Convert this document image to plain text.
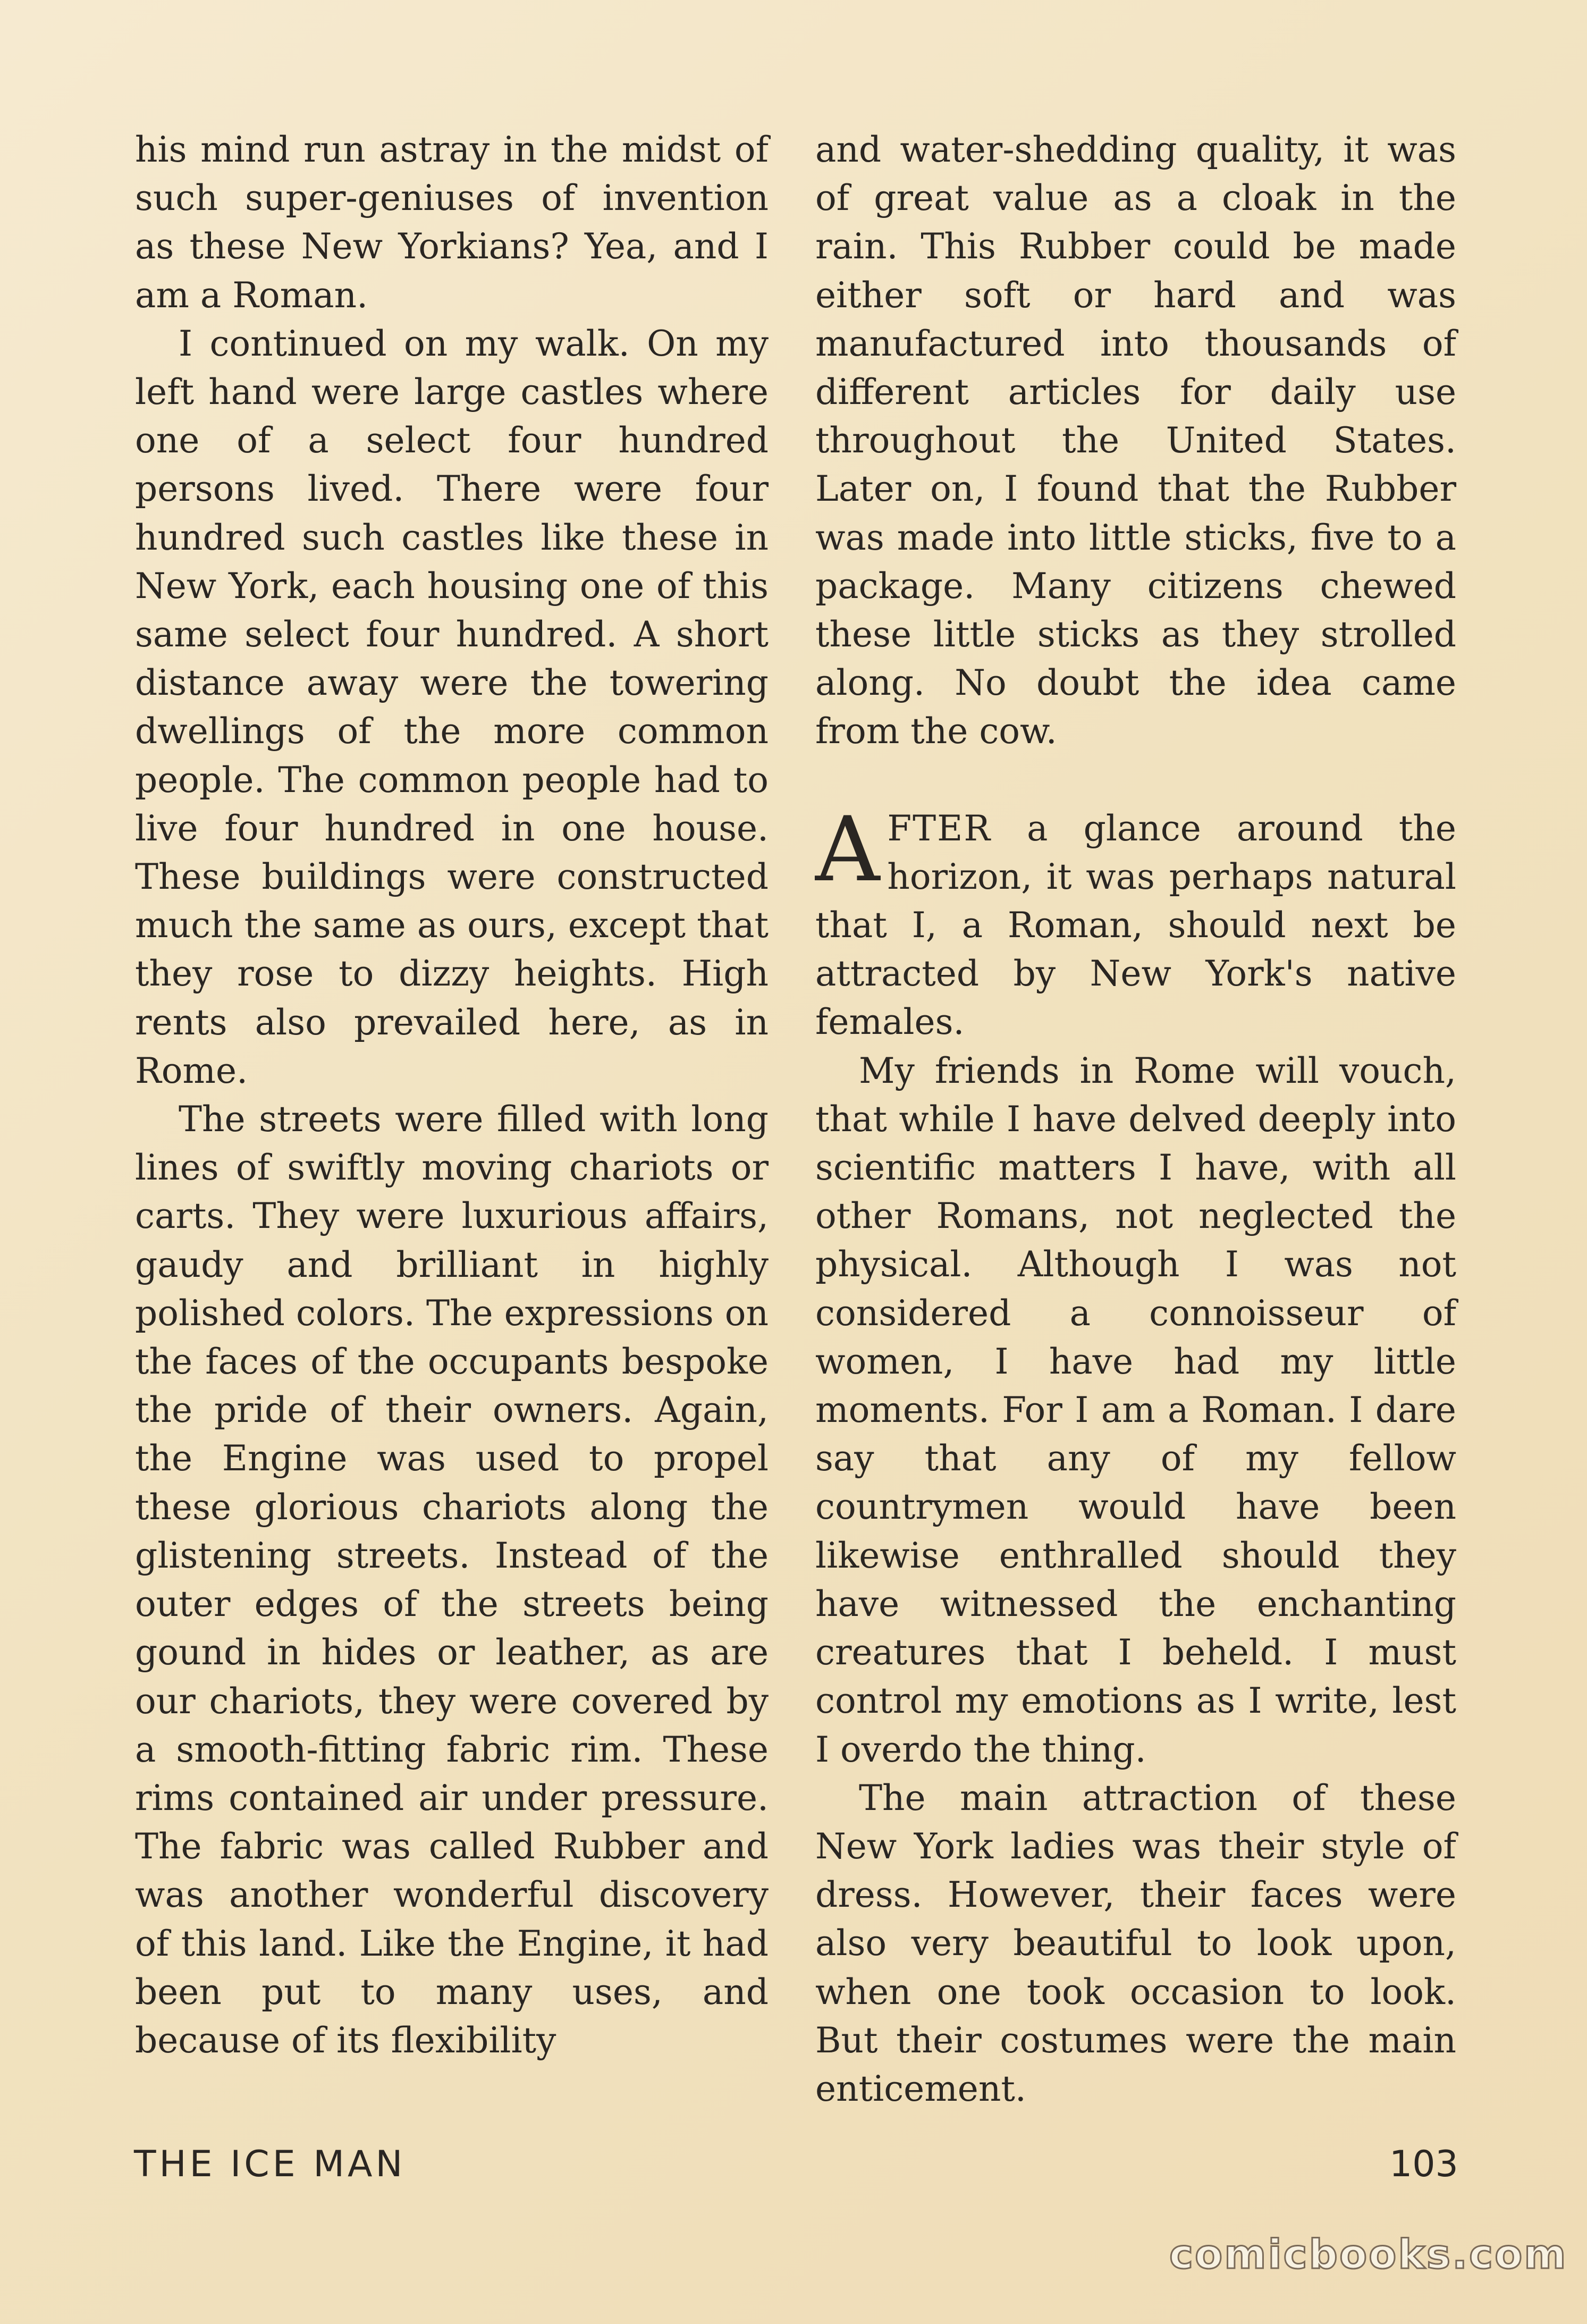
his mind run astray in the midst of such super-geniuses of invention as these New Yorkians? Yea, and I am a Roman.

I continued on my walk. On my left hand were large castles where one of a select four hundred persons lived. There were four hundred such castles like these in New York, each housing one of this same select four hundred. A short distance away were the towering dwellings of the more common people. The common people had to live four hundred in one house. These buildings were constructed much the same as ours, except that they rose to dizzy heights. High rents also prevailed here, as in Rome.

The streets were filled with long lines of swiftly moving chariots or carts. They were luxurious affairs, gaudy and brilliant in highly polished colors. The expressions on the faces of the occupants bespoke the pride of their owners. Again, the Engine was used to propel these glorious chariots along the glistening streets. Instead of the outer edges of the streets being gound in hides or leather, as are our chariots, they were covered by a smooth-fitting fabric rim. These rims contained air under pressure. The fabric was called Rubber and was another wonderful discovery of this land. Like the Engine, it had been put to many uses, and because of its flexibility

and water-shedding quality, it was of great value as a cloak in the rain. This Rubber could be made either soft or hard and was manufactured into thousands of different articles for daily use throughout the United States. Later on, I found that the Rubber was made into little sticks, five to a package. Many citizens chewed these little sticks as they strolled along. No doubt the idea came from the cow.

AFTER a glance around the horizon, it was perhaps natural that I, a Roman, should next be attracted by New York's native females.

My friends in Rome will vouch, that while I have delved deeply into scientific matters I have, with all other Romans, not neglected the physical. Although I was not considered a connoisseur of women, I have had my little moments. For I am a Roman. I dare say that any of my fellow countrymen would have been likewise enthralled should they have witnessed the enchanting creatures that I beheld. I must control my emotions as I write, lest I overdo the thing.

The main attraction of these New York ladies was their style of dress. However, their faces were also very beautiful to look upon, when one took occasion to look. But their costumes were the main enticement.

THE ICE MAN	103
comicbooks.com
